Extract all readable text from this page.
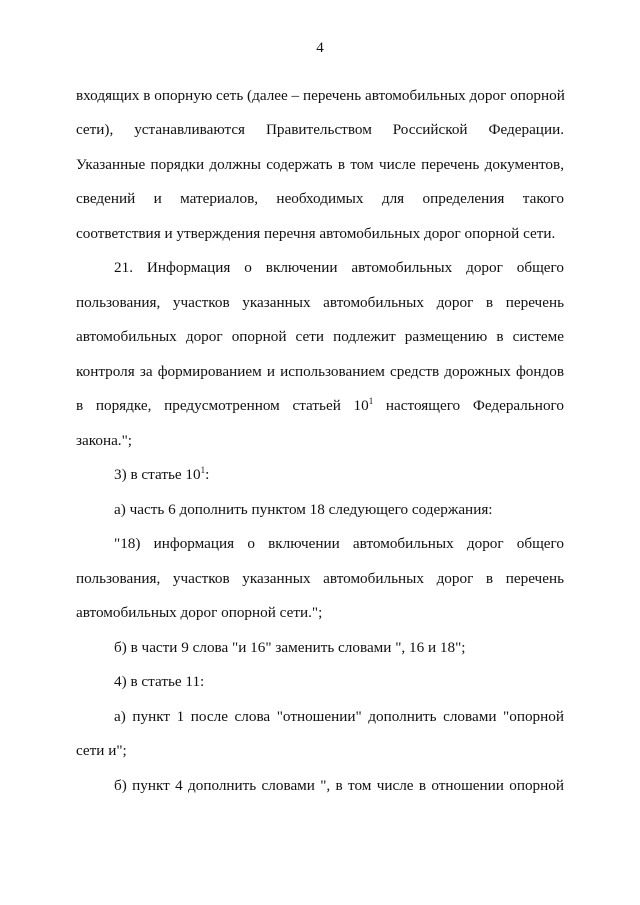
4
входящих в опорную сеть (далее – перечень автомобильных дорог опорной
сети), устанавливаются Правительством Российской Федерации.
Указанные порядки должны содержать в том числе перечень документов,
сведений и материалов, необходимых для определения такого
соответствия и утверждения перечня автомобильных дорог опорной сети.
21. Информация о включении автомобильных дорог общего
пользования, участков указанных автомобильных дорог в перечень
автомобильных дорог опорной сети подлежит размещению в системе
контроля за формированием и использованием средств дорожных фондов
в порядке, предусмотренном статьей $10^1$ настоящего Федерального
закона.";
3) в статье $10^1$:
а) часть 6 дополнить пунктом 18 следующего содержания:
"18) информация о включении автомобильных дорог общего
пользования, участков указанных автомобильных дорог в перечень
автомобильных дорог опорной сети.";
б) в части 9 слова "и 16" заменить словами ", 16 и 18";
4) в статье 11:
а) пункт 1 после слова "отношении" дополнить словами "опорной
сети и";
б) пункт 4 дополнить словами ", в том числе в отношении опорной
